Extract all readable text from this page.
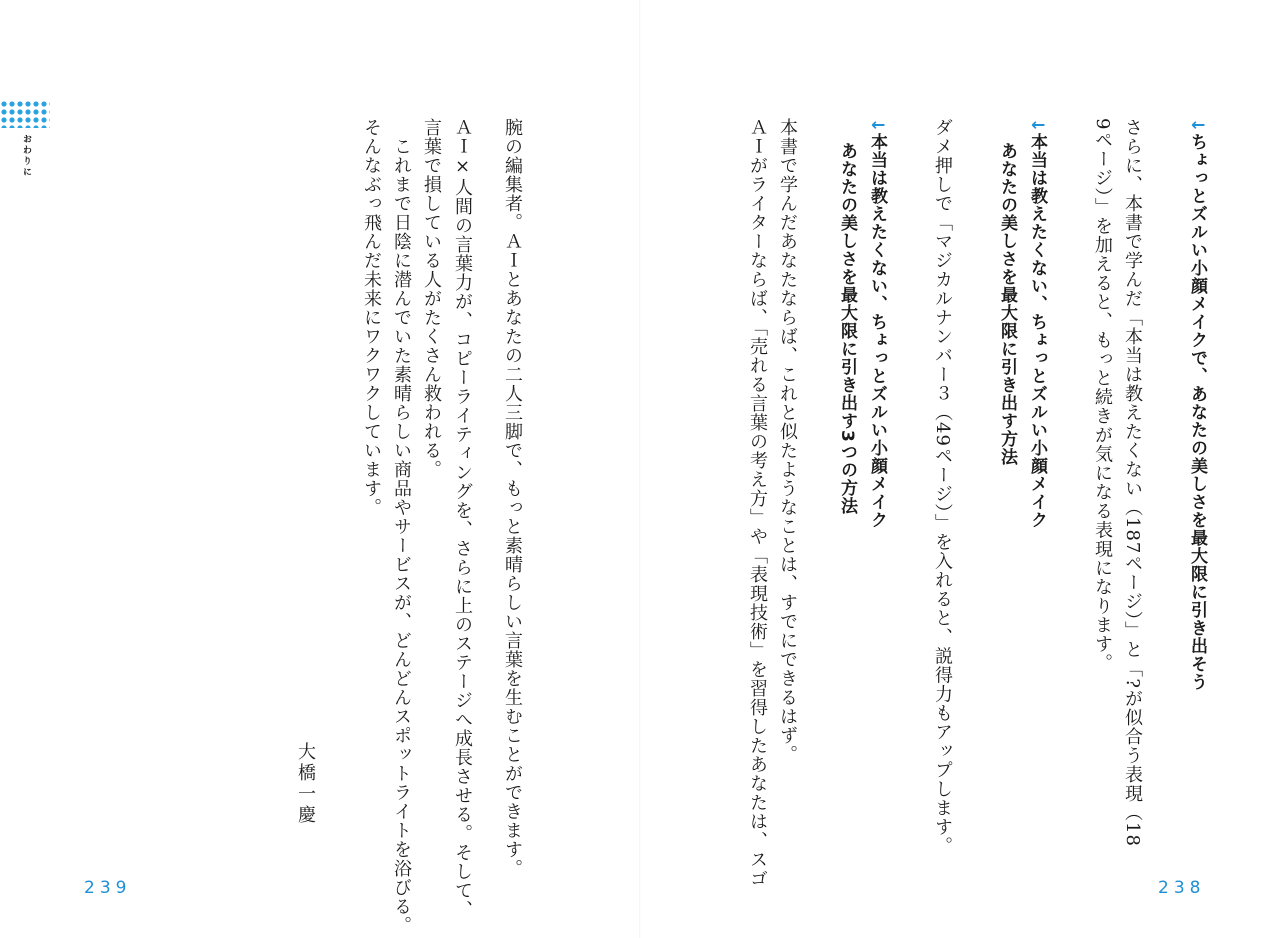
おわりに	腕の編集者。ＡＩとあなたの二人三脚で、もっと素晴らしい言葉を生むことができます。
ＡＩ×人間の言葉力が、コピーライティングを、さらに上のステージへ成長させる。そして、
言葉で損している人がたくさん救われる。
　これまで日陰に潜んでいた素晴らしい商品やサービスが、どんどんスポットライトを浴びる。
そんなぶっ飛んだ未来にワクワクしています。
大橋一慶
239
↓ちょっとズルい小顔メイクで、あなたの美しさを最大限に引き出そう
さらに、本書で学んだ「本当は教えたくない（187ページ）」と「?が似合う表現（18
9ページ）」を加えると、もっと続きが気になる表現になります。
↓本当は教えたくない、ちょっとズルい小顔メイク
あなたの美しさを最大限に引き出す方法
ダメ押しで「マジカルナンバー３（49ページ）」を入れると、説得力もアップします。
↓本当は教えたくない、ちょっとズルい小顔メイク
あなたの美しさを最大限に引き出す3つの方法
本書で学んだあなたならば、これと似たようなことは、すでにできるはず。
ＡＩがライターならば、「売れる言葉の考え方」や「表現技術」を習得したあなたは、スゴ	238
